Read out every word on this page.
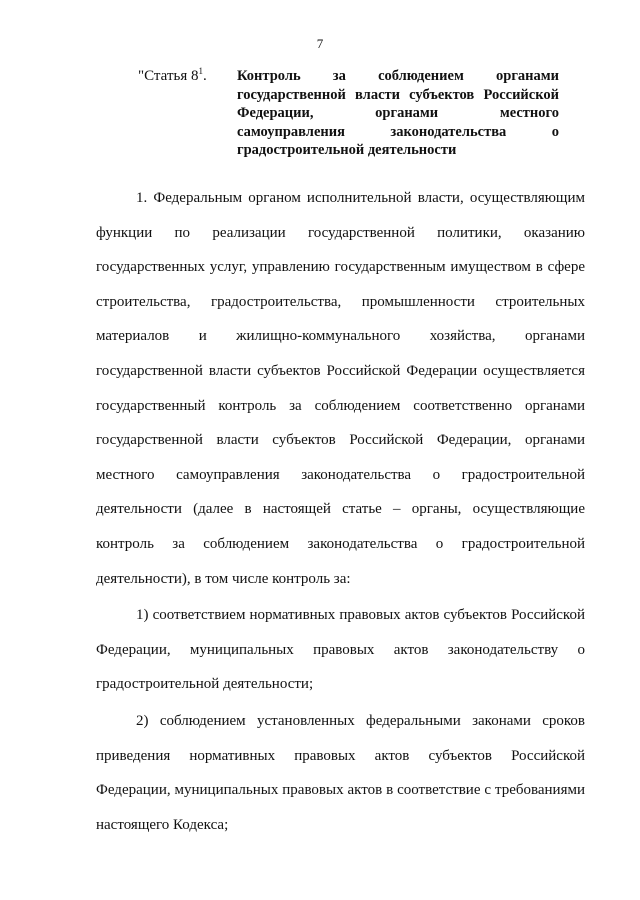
7
"Статья $8^1$. Контроль за соблюдением органами
государственной власти субъектов Российской
Федерации, органами местного
самоуправления законодательства о
градостроительной деятельности
1. Федеральным органом исполнительной власти, осуществляющим
функции по реализации государственной политики, оказанию
государственных услуг, управлению государственным имуществом в сфере
строительства, градостроительства, промышленности строительных
материалов и жилищно-коммунального хозяйства, органами
государственной власти субъектов Российской Федерации осуществляется
государственный контроль за соблюдением соответственно органами
государственной власти субъектов Российской Федерации, органами
местного самоуправления законодательства о градостроительной
деятельности (далее в настоящей статье – органы, осуществляющие
контроль за соблюдением законодательства о градостроительной
деятельности), в том числе контроль за:
1) соответствием нормативных правовых актов субъектов Российской
Федерации, муниципальных правовых актов законодательству о
градостроительной деятельности;
2) соблюдением установленных федеральными законами сроков
приведения нормативных правовых актов субъектов Российской
Федерации, муниципальных правовых актов в соответствие с требованиями
настоящего Кодекса;
